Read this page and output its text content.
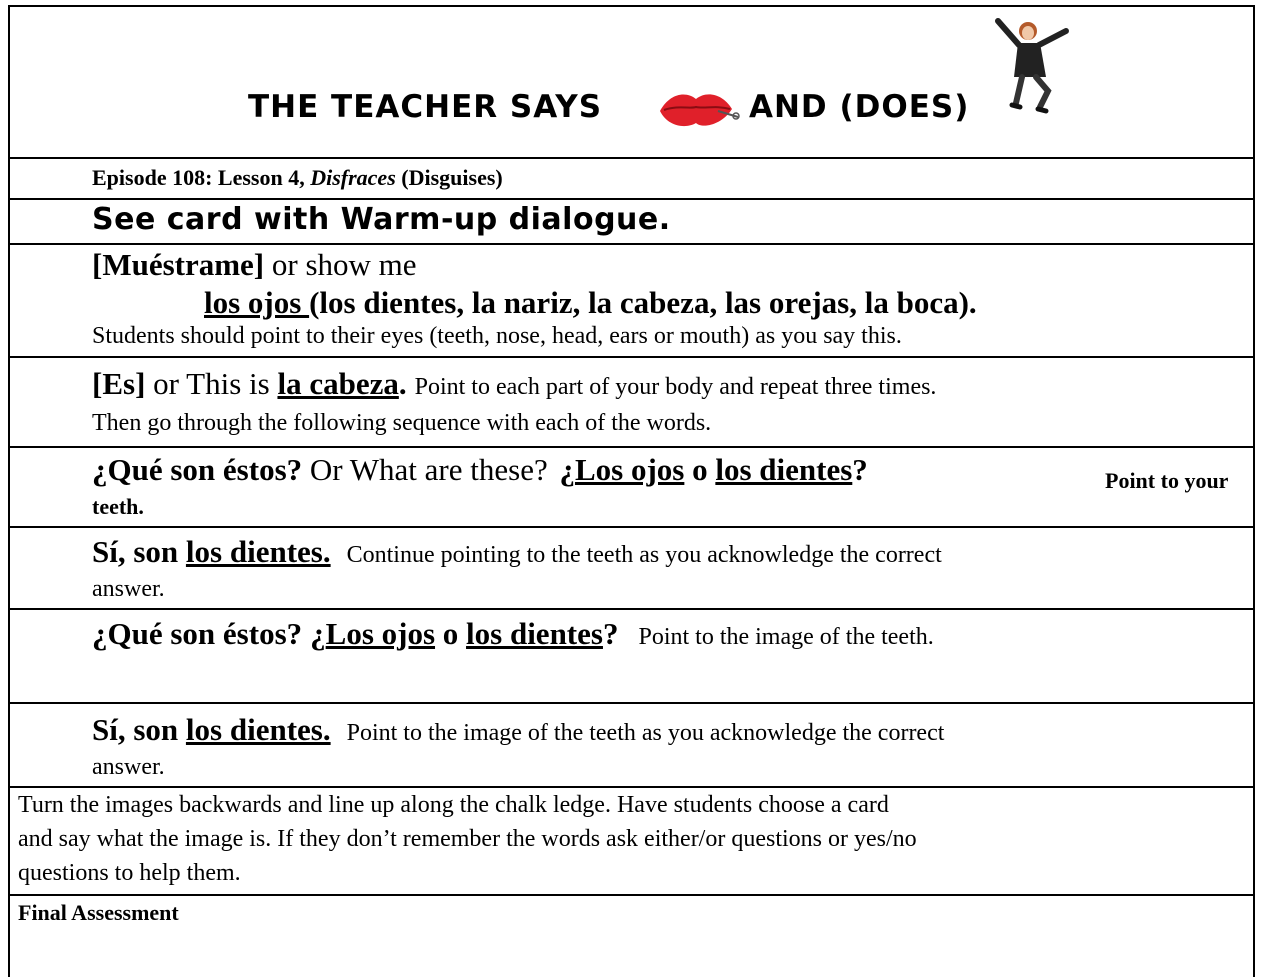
THE TEACHER SAYS	AND (DOES)
Episode 108: Lesson 4, Disfraces (Disguises)
See card with Warm-up dialogue.
[Muéstrame] or show me
los ojos (los dientes, la nariz, la cabeza, las orejas, la boca).
Students should point to their eyes (teeth, nose, head, ears or mouth) as you say this.
[Es] or This is la cabeza. Point to each part of your body and repeat three times.
Then go through the following sequence with each of the words.
¿Qué son éstos? Or What are these?  ¿Los ojos o los dientes?	Point to your
teeth.
Sí, son los dientes. Continue pointing to the teeth as you acknowledge the correct
answer.
¿Qué son éstos? ¿Los ojos o los dientes? Point to the image of the teeth.
Sí, son los dientes. Point to the image of the teeth as you acknowledge the correct
answer.
Turn the images backwards and line up along the chalk ledge. Have students choose a card
and say what the image is. If they don’t remember the words ask either/or questions or yes/no
questions to help them.
Final Assessment
